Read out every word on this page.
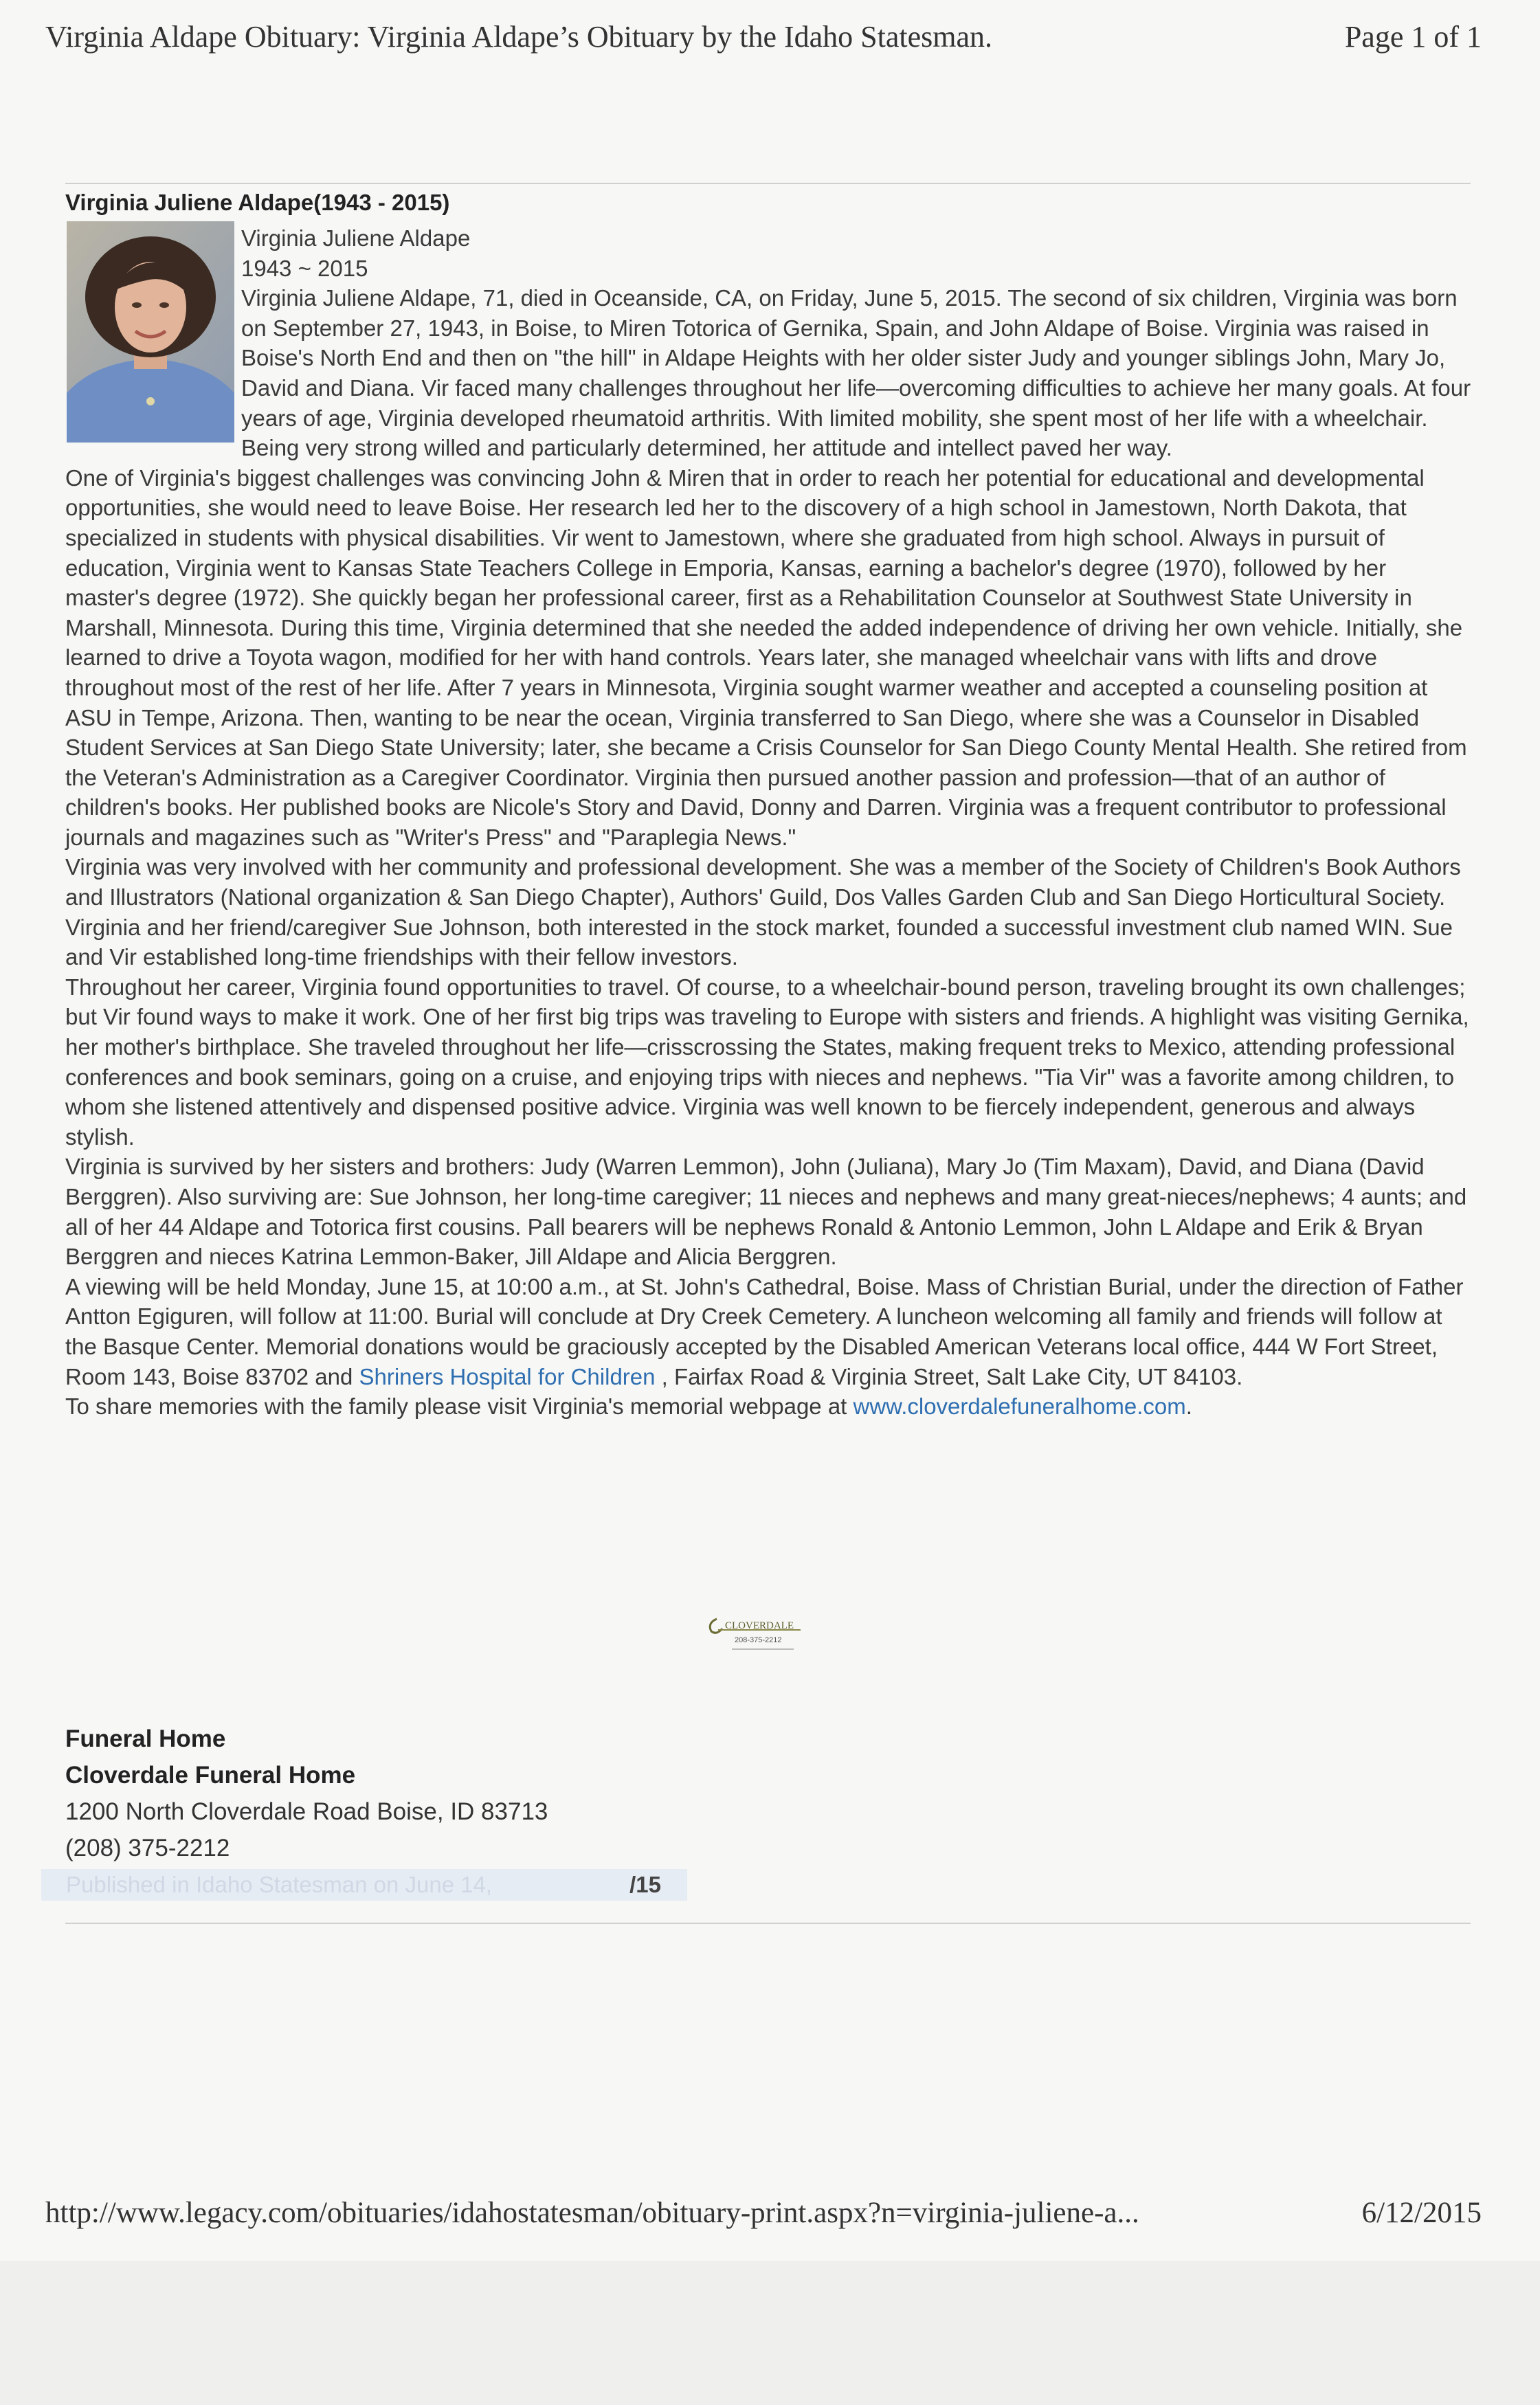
Virginia Aldape Obituary: Virginia Aldape’s Obituary by the Idaho Statesman.	Page 1 of 1
Virginia Juliene Aldape(1943 - 2015)

Virginia Juliene Aldape

1943 ~ 2015

Virginia Juliene Aldape, 71, died in Oceanside, CA, on Friday, June 5, 2015. The second of six children, Virginia was born on September 27, 1943, in Boise, to Miren Totorica of Gernika, Spain, and John Aldape of Boise. Virginia was raised in Boise's North End and then on "the hill" in Aldape Heights with her older sister Judy and younger siblings John, Mary Jo, David and Diana. Vir faced many challenges throughout her life—overcoming difficulties to achieve her many goals. At four years of age, Virginia developed rheumatoid arthritis. With limited mobility, she spent most of her life with a wheelchair. Being very strong willed and particularly determined, her attitude and intellect paved her way.

One of Virginia's biggest challenges was convincing John & Miren that in order to reach her potential for educational and developmental opportunities, she would need to leave Boise. Her research led her to the discovery of a high school in Jamestown, North Dakota, that specialized in students with physical disabilities. Vir went to Jamestown, where she graduated from high school. Always in pursuit of education, Virginia went to Kansas State Teachers College in Emporia, Kansas, earning a bachelor's degree (1970), followed by her master's degree (1972). She quickly began her professional career, first as a Rehabilitation Counselor at Southwest State University in Marshall, Minnesota. During this time, Virginia determined that she needed the added independence of driving her own vehicle. Initially, she learned to drive a Toyota wagon, modified for her with hand controls. Years later, she managed wheelchair vans with lifts and drove throughout most of the rest of her life. After 7 years in Minnesota, Virginia sought warmer weather and accepted a counseling position at ASU in Tempe, Arizona. Then, wanting to be near the ocean, Virginia transferred to San Diego, where she was a Counselor in Disabled Student Services at San Diego State University; later, she became a Crisis Counselor for San Diego County Mental Health. She retired from the Veteran's Administration as a Caregiver Coordinator. Virginia then pursued another passion and profession—that of an author of children's books. Her published books are Nicole's Story and David, Donny and Darren. Virginia was a frequent contributor to professional journals and magazines such as "Writer's Press" and "Paraplegia News."

Virginia was very involved with her community and professional development. She was a member of the Society of Children's Book Authors and Illustrators (National organization & San Diego Chapter), Authors' Guild, Dos Valles Garden Club and San Diego Horticultural Society. Virginia and her friend/caregiver Sue Johnson, both interested in the stock market, founded a successful investment club named WIN. Sue and Vir established long-time friendships with their fellow investors.

Throughout her career, Virginia found opportunities to travel. Of course, to a wheelchair-bound person, traveling brought its own challenges; but Vir found ways to make it work. One of her first big trips was traveling to Europe with sisters and friends. A highlight was visiting Gernika, her mother's birthplace. She traveled throughout her life—crisscrossing the States, making frequent treks to Mexico, attending professional conferences and book seminars, going on a cruise, and enjoying trips with nieces and nephews. "Tia Vir" was a favorite among children, to whom she listened attentively and dispensed positive advice. Virginia was well known to be fiercely independent, generous and always stylish.

Virginia is survived by her sisters and brothers: Judy (Warren Lemmon), John (Juliana), Mary Jo (Tim Maxam), David, and Diana (David Berggren). Also surviving are: Sue Johnson, her long-time caregiver; 11 nieces and nephews and many great-nieces/nephews; 4 aunts; and all of her 44 Aldape and Totorica first cousins. Pall bearers will be nephews Ronald & Antonio Lemmon, John L Aldape and Erik & Bryan Berggren and nieces Katrina Lemmon-Baker, Jill Aldape and Alicia Berggren.

A viewing will be held Monday, June 15, at 10:00 a.m., at St. John's Cathedral, Boise. Mass of Christian Burial, under the direction of Father Antton Egiguren, will follow at 11:00. Burial will conclude at Dry Creek Cemetery. A luncheon welcoming all family and friends will follow at the Basque Center. Memorial donations would be graciously accepted by the Disabled American Veterans local office, 444 W Fort Street, Room 143, Boise 83702 and Shriners Hospital for Children , Fairfax Road & Virginia Street, Salt Lake City, UT 84103.

To share memories with the family please visit Virginia's memorial webpage at www.cloverdalefuneralhome.com.

CLOVERDALE
208-375-2212
Funeral Home
Cloverdale Funeral Home
1200 North Cloverdale Road Boise, ID 83713
(208) 375-2212
Published in Idaho Statesman on June 14,	/15
http://www.legacy.com/obituaries/idahostatesman/obituary-print.aspx?n=virginia-juliene-a...	6/12/2015
